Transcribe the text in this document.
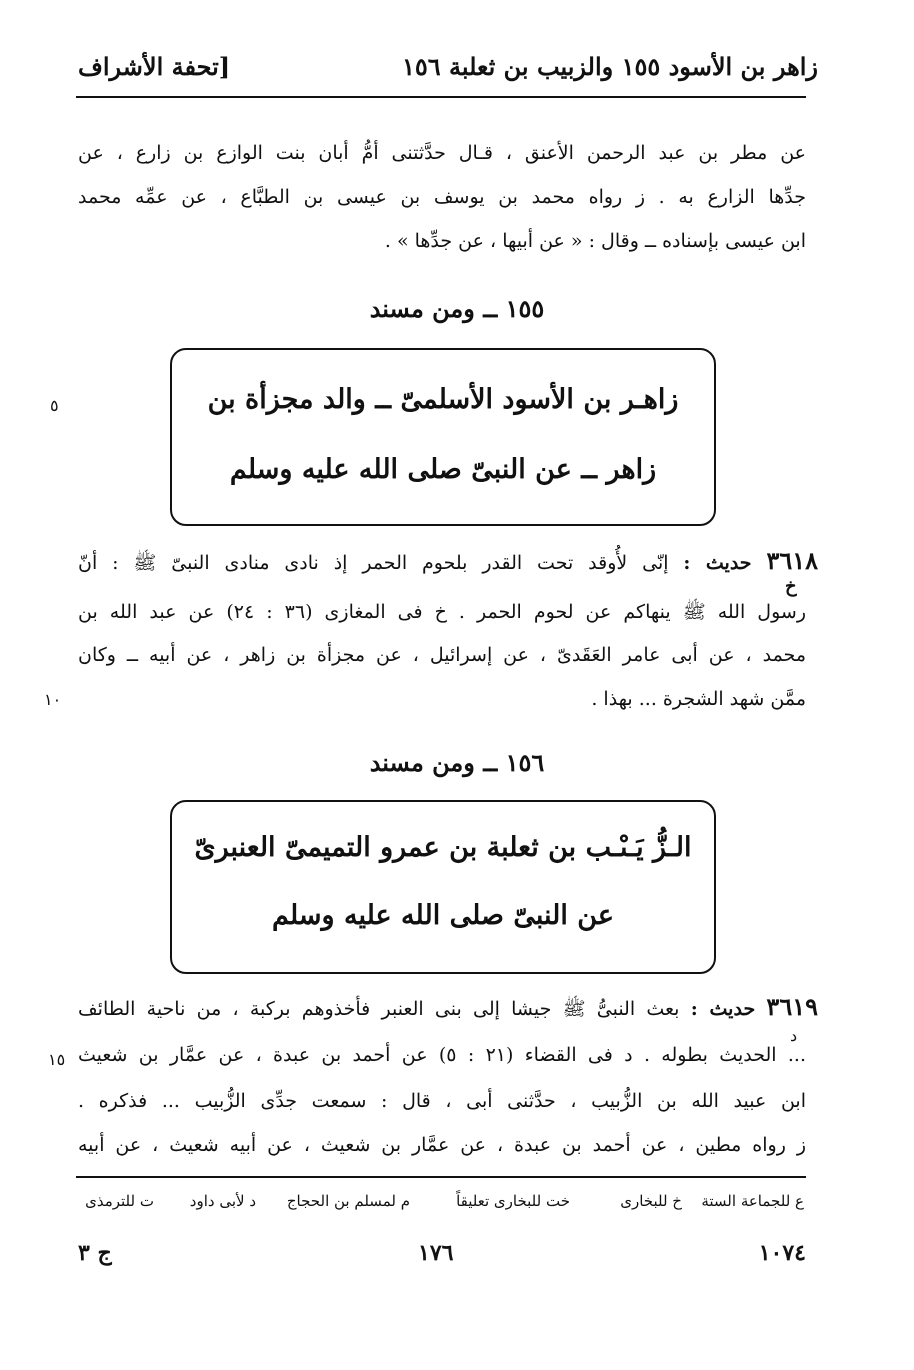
زاهر بن الأسود ١٥٥ والزبيب بن ثعلبة ١٥٦
[تحفة الأشراف
عن مطر بن عبد الرحمن الأعنق ، قـال حدَّثتنى أمُّ أبان بنت الوازع بن زارع ، عن
جدِّها الزارع به . ز رواه محمد بن يوسف بن عيسى بن الطبَّاع ، عن عمِّه محمد
ابن عيسى بإسناده ــ وقال : « عن أبيها ، عن جدِّها » .
١٥٥ ــ ومن مسند
زاهـر بن الأسود الأسلمىّ ــ والد مجزأة بن
زاهر ــ عن النبىّ صلى الله عليه وسلم
٥
٣٦١٨ حديث : إنّى لأُوقد تحت القدر بلحوم الحمر إذ نادى منادى النبىّ ﷺ : أنّ
خ
رسول الله ﷺ ينهاكم عن لحوم الحمر . خ فى المغازى (٣٦ : ٢٤) عن عبد الله بن
محمد ، عن أبى عامر العَقَدىّ ، عن إسرائيل ، عن مجزأة بن زاهر ، عن أبيه ــ وكان
ممَّن شهد الشجرة ... بهذا .
١٠
١٥٦ ــ ومن مسند
الـزُّ يَـىْـب بن ثعلبة بن عمرو التميمىّ العنبرىّ
عن النبىّ صلى الله عليه وسلم
٣٦١٩ حديث : بعث النبىُّ ﷺ جيشا إلى بنى العنبر فأخذوهم بركبة ، من ناحية الطائف
د
... الحديث بطوله . د فى القضاء (٢١ : ٥) عن أحمد بن عبدة ، عن عمَّار بن شعيث
١٥
ابن عبيد الله بن الزُّبيب ، حدَّثنى أبى ، قال : سمعت جدِّى الزُّبيب ... فذكره .
ز رواه مطين ، عن أحمد بن عبدة ، عن عمَّار بن شعيث ، عن أبيه شعيث ، عن أبيه
ع للجماعة الستة
خ للبخارى
خت للبخارى تعليقاً
م لمسلم بن الحجاج
د لأبى داود
ت للترمذى
١٠٧٤
١٧٦
ج ٣
